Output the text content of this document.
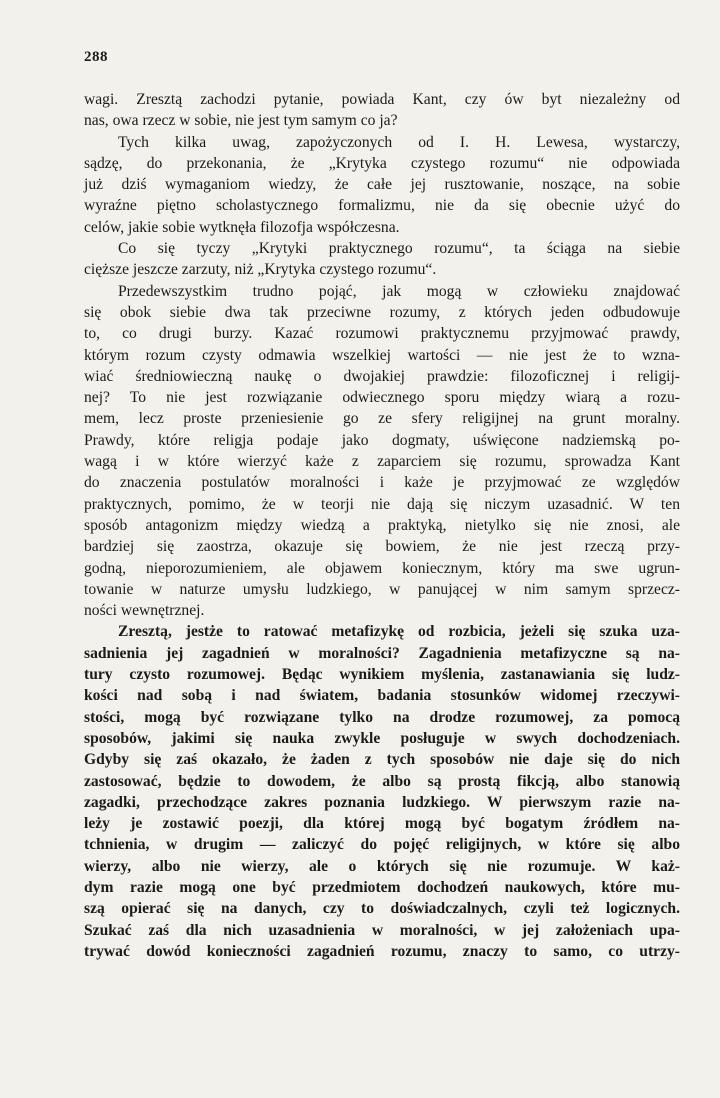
288
wagi. Zresztą zachodzi pytanie, powiada Kant, czy ów byt niezależny od
nas, owa rzecz w sobie, nie jest tym samym co ja?
Tych kilka uwag, zapożyczonych od I. H. Lewesa, wystarczy,
sądzę, do przekonania, że „Krytyka czystego rozumu“ nie odpowiada
już dziś wymaganiom wiedzy, że całe jej rusztowanie, noszące, na sobie
wyraźne piętno scholastycznego formalizmu, nie da się obecnie użyć do
celów, jakie sobie wytknęła filozofja współczesna.
Co się tyczy „Krytyki praktycznego rozumu“, ta ściąga na siebie
cięższe jeszcze zarzuty, niż „Krytyka czystego rozumu“.
Przedewszystkim trudno pojąć, jak mogą w człowieku znajdować
się obok siebie dwa tak przeciwne rozumy, z których jeden odbudowuje
to, co drugi burzy. Kazać rozumowi praktycznemu przyjmować prawdy,
którym rozum czysty odmawia wszelkiej wartości — nie jest że to wzna-
wiać średniowieczną naukę o dwojakiej prawdzie: filozoficznej i religij-
nej? To nie jest rozwiązanie odwiecznego sporu między wiarą a rozu-
mem, lecz proste przeniesienie go ze sfery religijnej na grunt moralny.
Prawdy, które religja podaje jako dogmaty, uświęcone nadziemską po-
wagą i w które wierzyć każe z zaparciem się rozumu, sprowadza Kant
do znaczenia postulatów moralności i każe je przyjmować ze względów
praktycznych, pomimo, że w teorji nie dają się niczym uzasadnić. W ten
sposób antagonizm między wiedzą a praktyką, nietylko się nie znosi, ale
bardziej się zaostrza, okazuje się bowiem, że nie jest rzeczą przy-
godną, nieporozumieniem, ale objawem koniecznym, który ma swe ugrun-
towanie w naturze umysłu ludzkiego, w panującej w nim samym sprzecz-
ności wewnętrznej.
Zresztą, jestże to ratować metafizykę od rozbicia, jeżeli się szuka uza-
sadnienia jej zagadnień w moralności? Zagadnienia metafizyczne są na-
tury czysto rozumowej. Będąc wynikiem myślenia, zastanawiania się ludz-
kości nad sobą i nad światem, badania stosunków widomej rzeczywi-
stości, mogą być rozwiązane tylko na drodze rozumowej, za pomocą
sposobów, jakimi się nauka zwykle posługuje w swych dochodzeniach.
Gdyby się zaś okazało, że żaden z tych sposobów nie daje się do nich
zastosować, będzie to dowodem, że albo są prostą fikcją, albo stanowią
zagadki, przechodzące zakres poznania ludzkiego. W pierwszym razie na-
leży je zostawić poezji, dla której mogą być bogatym źródłem na-
tchnienia, w drugim — zaliczyć do pojęć religijnych, w które się albo
wierzy, albo nie wierzy, ale o których się nie rozumuje. W każ-
dym razie mogą one być przedmiotem dochodzeń naukowych, które mu-
szą opierać się na danych, czy to doświadczalnych, czyli też logicznych.
Szukać zaś dla nich uzasadnienia w moralności, w jej założeniach upa-
trywać dowód konieczności zagadnień rozumu, znaczy to samo, co utrzy-
